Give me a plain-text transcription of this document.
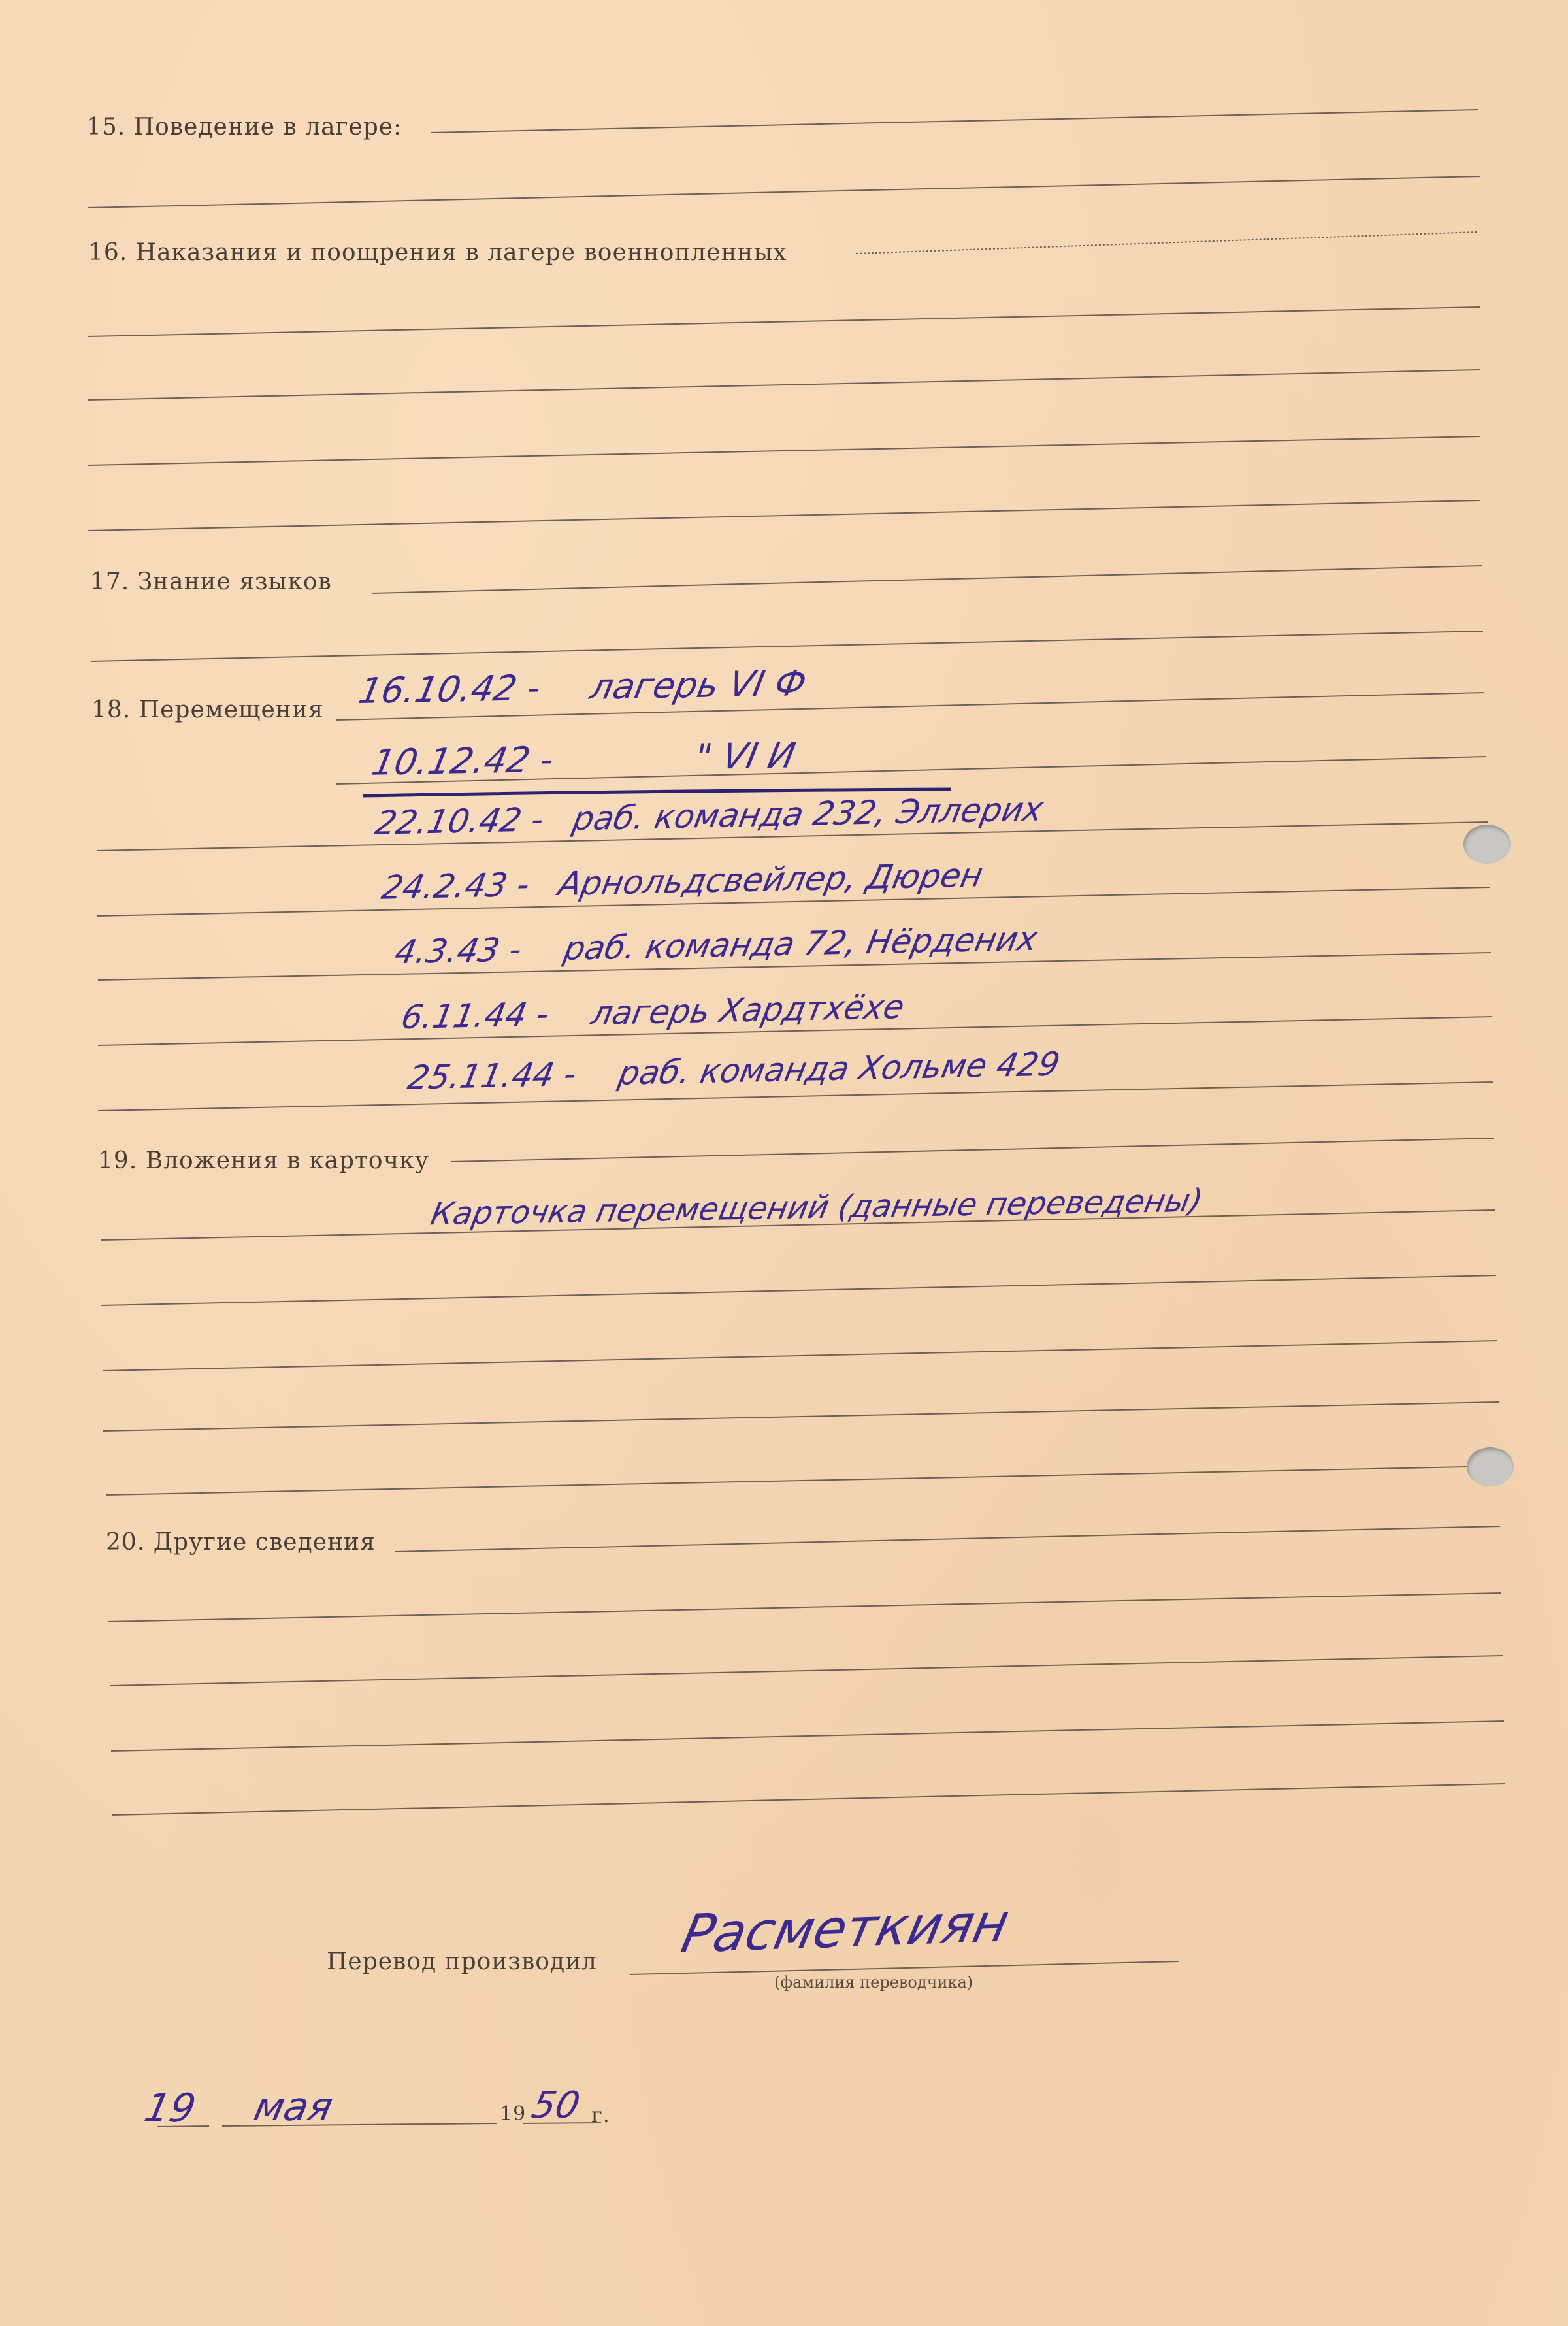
15. Поведение в лагере:
16. Наказания и поощрения в лагере военнопленных
17. Знание языков
18. Перемещения
19. Вложения в карточку
20. Другие сведения
16.10.42 - лагерь VI Ф
10.12.42 -	" VI И
22.10.42 - раб. команда 232, Эллерих
24.2.43 - Арнольдсвейлер, Дюрен
4.3.43 - раб. команда 72, Нёрдених
6.11.44 - лагерь Хардтхёхе
25.11.44 - раб. команда Хольме 429
Карточка перемещений (данные переведены)
Перевод производил Расметкиян
(фамилия переводчика)
19 мая	19 50 г.
